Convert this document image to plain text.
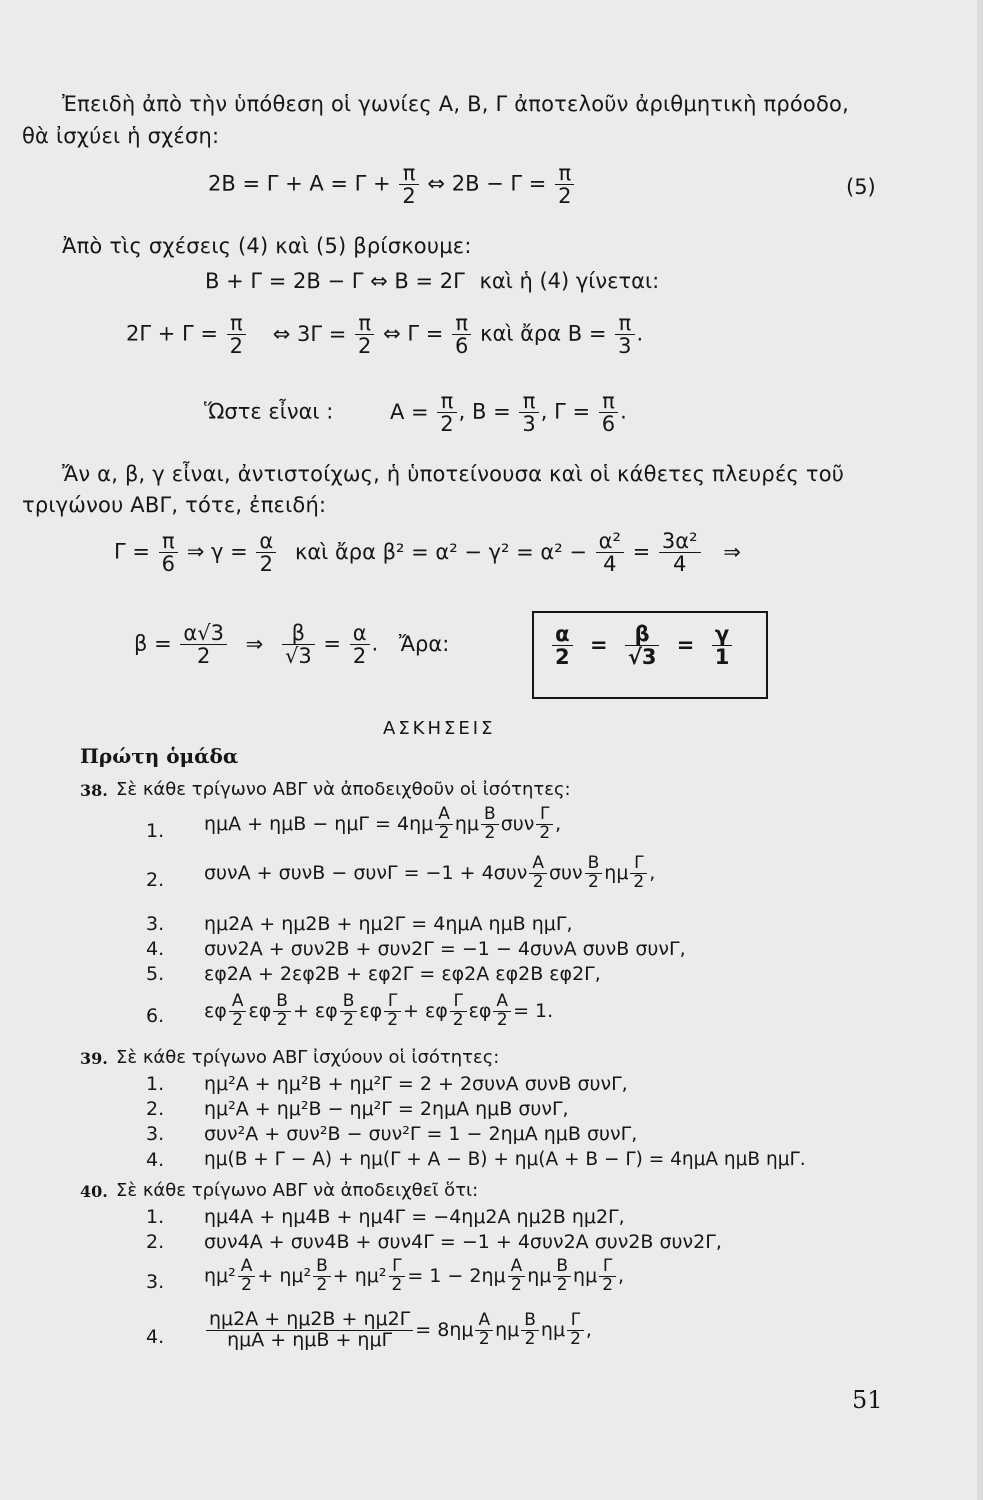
Ἐπειδὴ ἀπὸ τὴν ὑπόθεση οἱ γωνίες Α, Β, Γ ἀποτελοῦν ἀριθμητικὴ πρόοδο,
θὰ ἰσχύει ἡ σχέση:
$2B = \Gamma + A = \Gamma + \frac{\pi}{2}$ ⇔ $2B - \Gamma = \frac{\pi}{2}$	(5)
Ἀπὸ τὶς σχέσεις (4) καὶ (5) βρίσκουμε:
Β + Γ = 2Β − Γ ⇔ Β = 2Γ καὶ ἡ (4) γίνεται:
$2\Gamma + \Gamma = \frac{\pi}{2}$ ⇔ $3\Gamma = \frac{\pi}{2}$ ⇔ $\Gamma = \frac{\pi}{6}$ καὶ ἄρα $B = \frac{\pi}{3}$ .
Ὥστε εἶναι :	$A = \frac{\pi}{2}$ , $B = \frac{\pi}{3}$ , $\Gamma = \frac{\pi}{6}$ .
Ἄν α, β, γ εἶναι, ἀντιστοίχως, ἡ ὑποτείνουσα καὶ οἱ κάθετες πλευρές τοῦ
τριγώνου ΑΒΓ, τότε, ἐπειδή:
$\Gamma = \frac{\pi}{6}$ ⇒ $\gamma = \frac{\alpha}{2}$ καὶ ἄρα $\beta^2 = \alpha^2 - \gamma^2 = \alpha^2 - \frac{\text{α²}}{4} = \frac{\text{3α²}}{4}$ ⇒
$\beta = \frac{\alpha√3}{2}$ ⇒ $\frac{\beta}{√3} = \frac{\alpha}{2}$ . Ἄρα:	$\frac{\alpha}{2} = \frac{\beta}{√3} = \frac{\gamma}{1}$
ΑΣΚΗΣΕΙΣ
Πρώτη ὁμάδα
38. Σὲ κάθε τρίγωνο ΑΒΓ νὰ ἀποδειχθοῦν οἱ ἰσότητες:
1. $\eta\mu A + \eta\mu B - \eta\mu\Gamma = 4\eta\mu \frac{A}{2}$ ημ $\frac{B}{2}$ συν $\frac{\Gamma}{2}$ ,
2. $\sigma\upsilon\nu A + \sigma\upsilon\nu B - \sigma\upsilon\nu\Gamma = -1 + 4\sigma\upsilon\nu \frac{A}{2}$ συν $\frac{B}{2}$ ημ $\frac{\Gamma}{2}$ ,
3. ημ2Α + ημ2Β + ημ2Γ = 4ημΑ ημΒ ημΓ,
4. συν2Α + συν2Β + συν2Γ = −1 − 4συνΑ συνΒ συνΓ,
5. εφ2Α + 2εφ2Β + εφ2Γ = εφ2Α εφ2Β εφ2Γ,
6. εφ $\frac{A}{2}$ εφ $\frac{B}{2} + \varepsilon\varphi \frac{B}{2}$ εφ $\frac{\Gamma}{2} + \varepsilon\varphi \frac{\Gamma}{2}$ εφ $\frac{A}{2} = 1$.
39. Σὲ κάθε τρίγωνο ΑΒΓ ἰσχύουν οἱ ἰσότητες:
1. ημ²Α + ημ²Β + ημ²Γ = 2 + 2συνΑ συνΒ συνΓ,
2. ημ²Α + ημ²Β − ημ²Γ = 2ημΑ ημΒ συνΓ,
3. συν²Α + συν²Β − συν²Γ = 1 − 2ημΑ ημΒ συνΓ,
4. ημ(Β + Γ − Α) + ημ(Γ + Α − Β) + ημ(Α + Β − Γ) = 4ημΑ ημΒ ημΓ.
40. Σὲ κάθε τρίγωνο ΑΒΓ νὰ ἀποδειχθεῖ ὅτι:
1. ημ4Α + ημ4Β + ημ4Γ = −4ημ2Α ημ2Β ημ2Γ,
2. συν4Α + συν4Β + συν4Γ = −1 + 4συν2Α συν2Β συν2Γ,
3. $\eta\mu^2 \frac{A}{2} + \eta\mu^2 \frac{B}{2} + \eta\mu^2 \frac{\Gamma}{2} = 1 - 2\eta\mu \frac{A}{2}$ ημ $\frac{B}{2}$ ημ $\frac{\Gamma}{2}$ ,
4. $\frac{\eta\mu 2A + \eta\mu 2B + \eta\mu 2\Gamma}{\text{ημΑ + ημΒ + ημΓ}} = 8\eta\mu \frac{A}{2}$ ημ $\frac{B}{2}$ ημ $\frac{\Gamma}{2}$ ,
51
